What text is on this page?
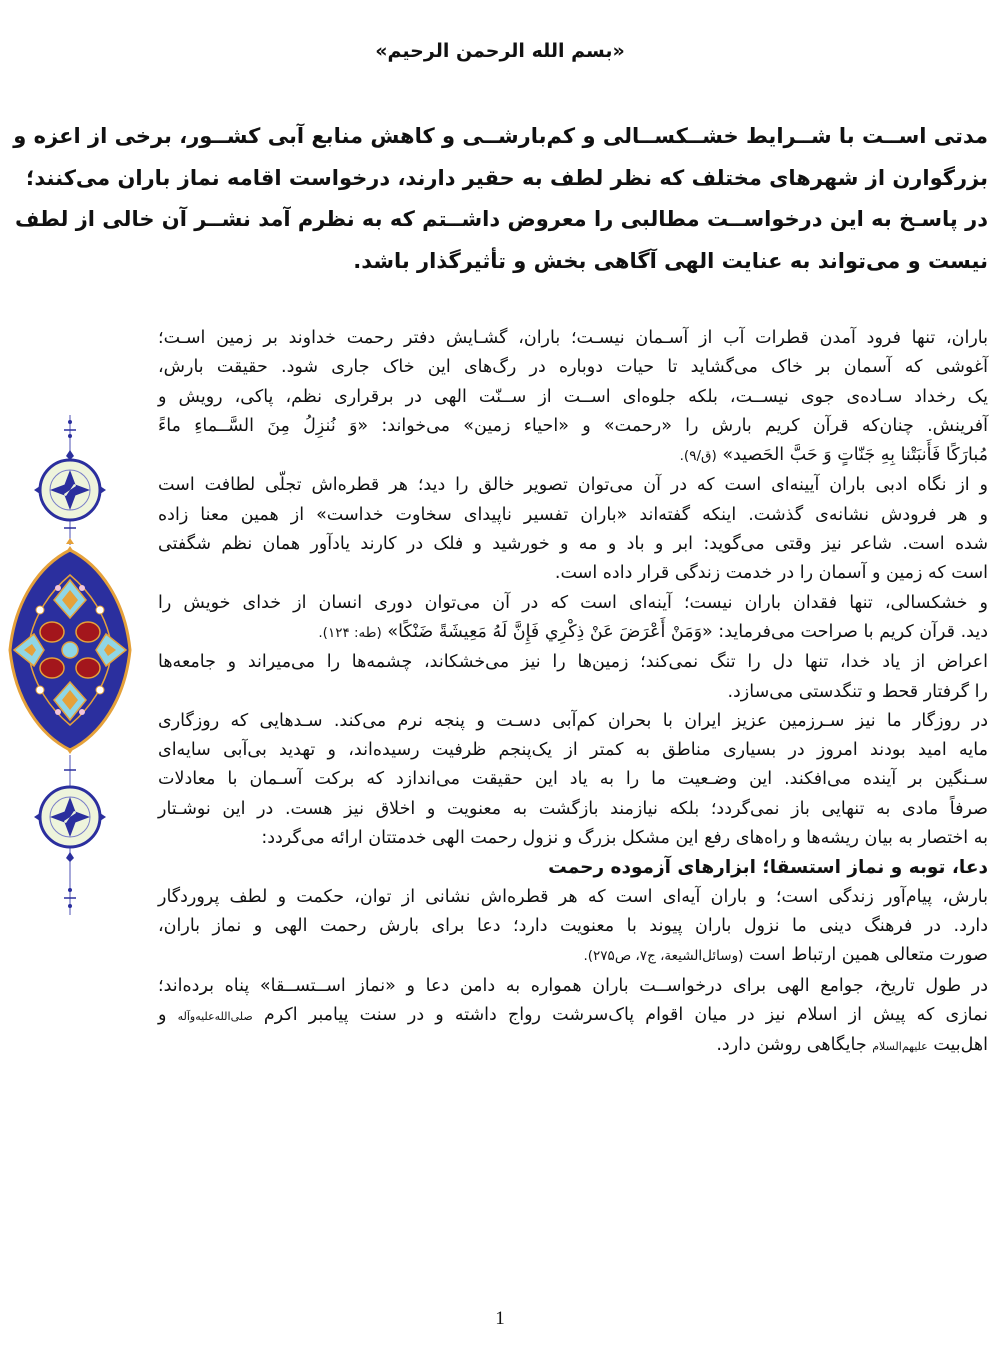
«بسم الله الرحمن الرحیم»
مدتی اســت با شــرایط خشــکســالی و کم‌بارشــی و کاهش منابع آبی کشــور، برخی از اعزه و
بزرگوارن از شهرهای مختلف که نظر لطف به حقیر دارند، درخواست اقامه نماز باران می‌کنند؛
در پاسـخ به این درخواســت مطالبی را معروض داشــتم که به نظرم آمد نشــر آن خالی از لطف
نیست و می‌تواند به عنایت الهی آگاهی بخش و تأثیرگذار باشد.
باران، تنها فرود آمدن قطرات آب از آسـمان نیسـت؛ باران، گشـایش دفتر رحمت خداوند بر زمین اسـت؛
آغوشی که آسمان بر خاک می‌گشاید تا حیات دوباره در رگ‌های این خاک جاری شود. حقیقت بارش،
یک رخداد سـاده‌ی جوی نیســت، بلکه جلوه‌ای اســت از ســنّت الهی در برقراری نظم، پاکی، رویش و
آفرینش. چنان‌که قرآن کریم بارش را «رحمت» و «احیاء زمین» می‌خواند: «وَ نُنزِلُ مِنَ السَّــماءِ ماءً
مُبارَکًا فَأَنبَتْنا بِهِ جَنّاتٍ وَ حَبَّ الحَصید» (ق/۹).
و از نگاه ادبی باران آیینه‌ای است که در آن می‌توان تصویر خالق را دید؛ هر قطره‌اش تجلّی لطافت است
و هر فرودش نشانه‌ی گذشت. اینکه گفته‌اند «باران تفسیر ناپیدای سخاوت خداست» از همین معنا زاده
شده است. شاعر نیز وقتی می‌گوید: ابر و باد و مه و خورشید و فلک در کارند یادآور همان نظم شگفتی
است که زمین و آسمان را در خدمت زندگی قرار داده است.
و خشکسالی، تنها فقدان باران نیست؛ آینه‌ای است که در آن می‌توان دوری انسان از خدای خویش را
دید. قرآن کریم با صراحت می‌فرماید: «وَمَنْ أَعْرَضَ عَنْ ذِكْرِي فَإِنَّ لَهُ مَعِيشَةً ضَنْكًا» (طه: ۱۲۴).
اعراض از یاد خدا، تنها دل را تنگ نمی‌کند؛ زمین‌ها را نیز می‌خشکاند، چشمه‌ها را می‌میراند و جامعه‌ها
را گرفتار قحط و تنگدستی می‌سازد.
در روزگار ما نیز سـرزمین عزیز ایران با بحران کم‌آبی دسـت و پنجه نرم می‌کند. سـدهایی که روزگاری
مایه امید بودند امروز در بسیاری مناطق به کمتر از یک‌پنجم ظرفیت رسیده‌اند، و تهدید بی‌آبی سایه‌ای
سـنگین بر آینده می‌افکند. این وضـعیت ما را به یاد این حقیقت می‌اندازد که برکت آسـمان با معادلات
صرفاً مادی به تنهایی باز نمی‌گردد؛ بلکه نیازمند بازگشت به معنویت و اخلاق نیز هست. در این نوشـتار
به اختصار به بیان ریشه‌ها و راه‌های رفع این مشکل بزرگ و نزول رحمت الهی خدمتتان ارائه می‌گردد:
دعا، توبه و نماز استسقا؛ ابزارهای آزموده رحمت
بارش، پیام‌آور زندگی است؛ و باران آیه‌ای است که هر قطره‌اش نشانی از توان، حکمت و لطف پروردگار
دارد. در فرهنگ دینی ما نزول باران پیوند با معنویت دارد؛ دعا برای بارش رحمت الهی و نماز باران،
صورت متعالی همین ارتباط است (وسائل‌الشیعة، ج۷، ص۲۷۵).
در طول تاریخ، جوامع الهی برای درخواســت باران همواره به دامن دعا و «نماز اســتســقا» پناه برده‌اند؛
نمازی که پیش از اسلام نیز در میان اقوام پاک‌سرشت رواج داشته و در سنت پیامبر اکرم صلی‌الله‌علیه‌وآله و
اهل‌بیت علیهم‌السلام جایگاهی روشن دارد.
1
